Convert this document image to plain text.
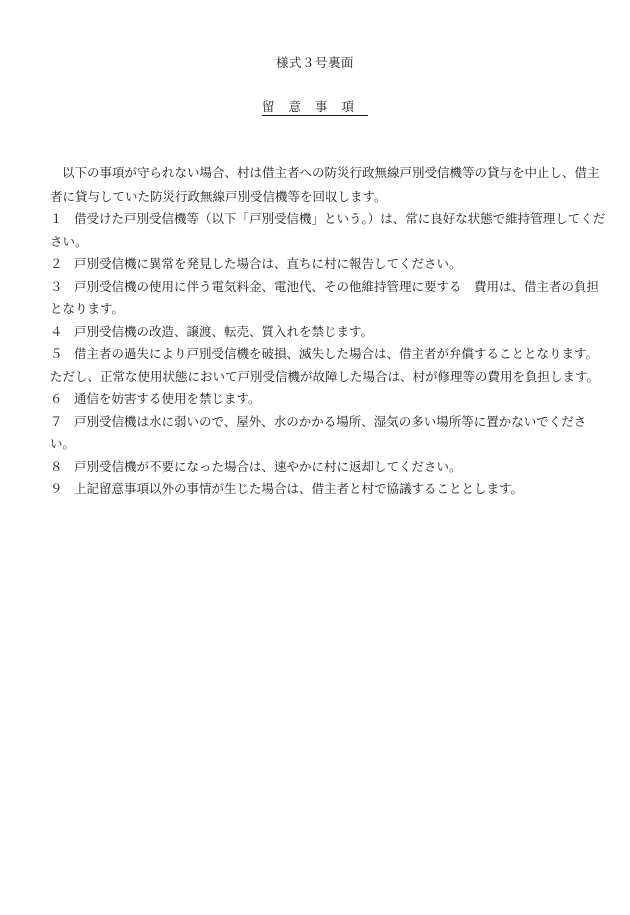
様式３号裏面
留意事項

以下の事項が守られない場合、村は借主者への防災行政無線戸別受信機等の貸与を中止し、借主者に貸与していた防災行政無線戸別受信機等を回収します。

１ 借受けた戸別受信機等（以下「戸別受信機」という。）は、常に良好な状態で維持管理してください。
２ 戸別受信機に異常を発見した場合は、直ちに村に報告してください。
３ 戸別受信機の使用に伴う電気料金、電池代、その他維持管理に要する　費用は、借主者の負担となります。
４ 戸別受信機の改造、譲渡、転売、質入れを禁じます。
５ 借主者の過失により戸別受信機を破損、滅失した場合は、借主者が弁償することとなります。ただし、正常な使用状態において戸別受信機が故障した場合は、村が修理等の費用を負担します。
６ 通信を妨害する使用を禁じます。
７ 戸別受信機は水に弱いので、屋外、水のかかる場所、湿気の多い場所等に置かないでください。
８ 戸別受信機が不要になった場合は、速やかに村に返却してください。
９ 上記留意事項以外の事情が生じた場合は、借主者と村で協議することとします。
